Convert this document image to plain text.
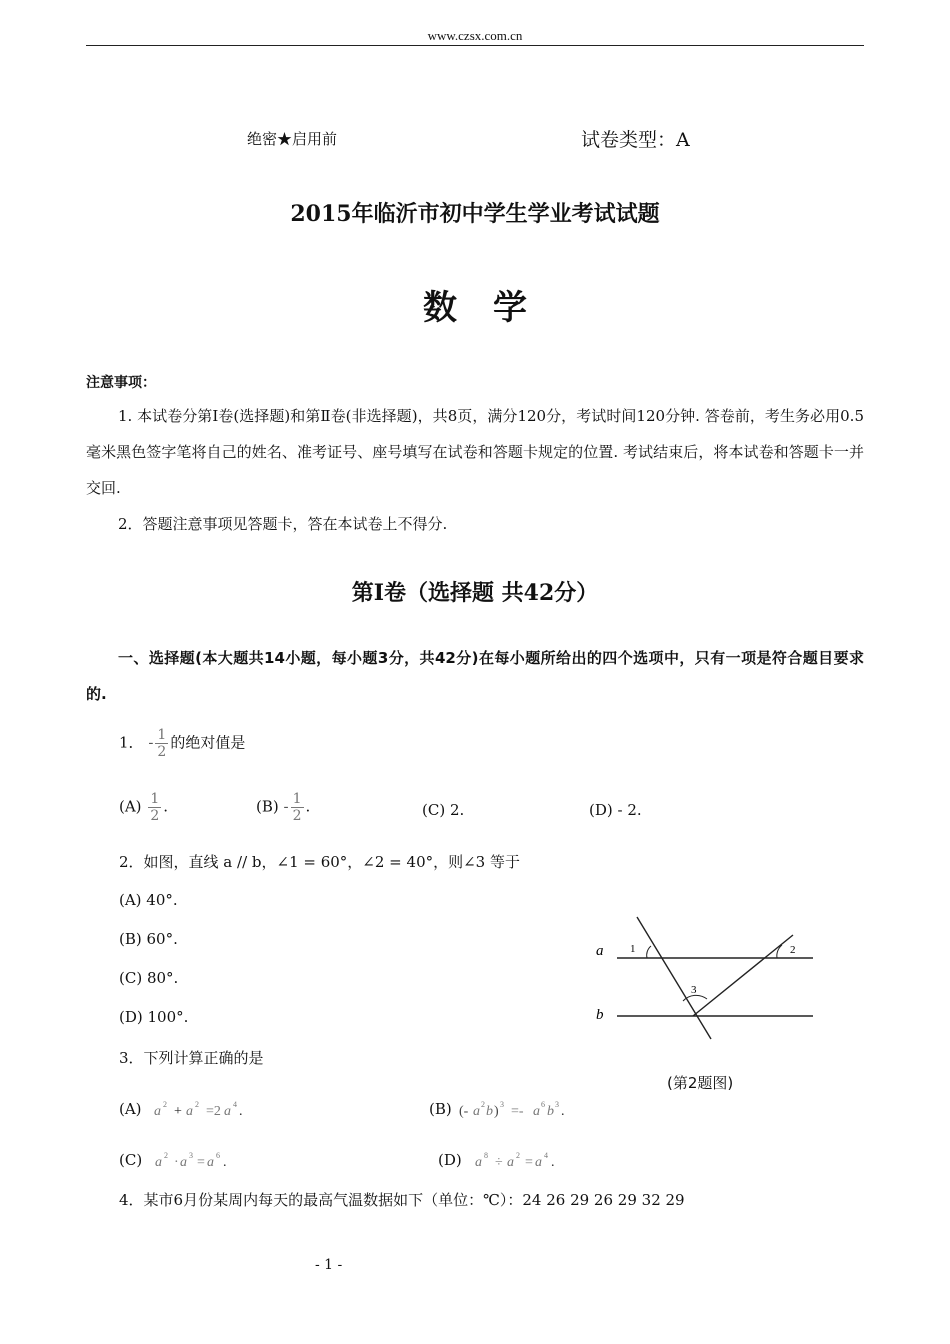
www.czsx.com.cn
绝密★启用前	试卷类型：A
2015年临沂市初中学生学业考试试题
数学
注意事项：

1. 本试卷分第Ⅰ卷(选择题)和第Ⅱ卷(非选择题)，共8页，满分120分，考试时间120分钟. 答卷前，考生务必用0.5毫米黑色签字笔将自己的姓名、准考证号、座号填写在试卷和答题卡规定的位置. 考试结束后，将本试卷和答题卡一并交回.

2．答题注意事项见答题卡，答在本试卷上不得分.

第Ⅰ卷（选择题 共42分）
一、选择题(本大题共14小题，每小题3分，共42分)在每小题所给出的四个选项中，只有一项是符合题目要求的.
1． - $\frac{1}{2}$ 的绝对值是
$(A) \frac{1}{2}$ .	$(B) - \frac{1}{2}$ .	(C) 2.	(D) - 2.
2．如图，直线 a // b，∠1 = 60°，∠2 = 40°，则∠3 等于
(A) 40°.
(B) 60°.
(C) 80°.
(D) 100°.
a
b
1	2
3
(第2题图)
3．下列计算正确的是
(A) a 2 + a 2 =2 a 4 .	(B) (- a 2 b ) 3 =- a 6 b 3 .
(C) a 2 · a 3 = a 6 .	(D) a 8 ÷ a 2 = a 4 .
4．某市6月份某周内每天的最高气温数据如下（单位：℃）：24 26 29 26 29 32 29
- 1 -
